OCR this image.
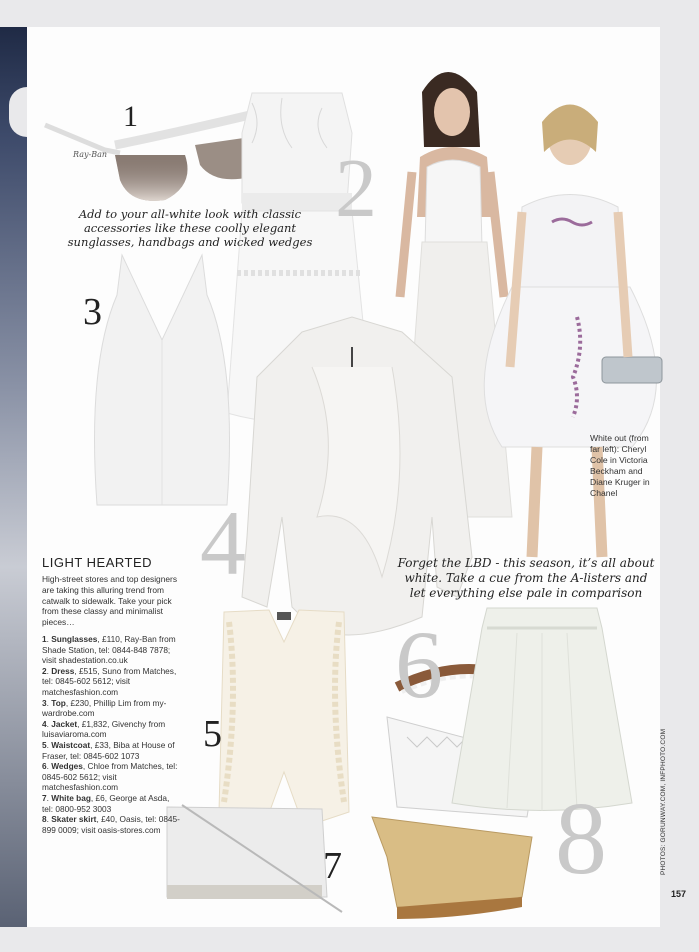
Ray-Ban
1
2
3
4
5
6
7 8
Add to your all-white look with classic accessories like these coolly elegant sunglasses, handbags and wicked wedges
Forget the LBD - this season, it’s all about white. Take a cue from the A-listers and let everything else pale in comparison
LIGHT HEARTED
High-street stores and top designers are taking this alluring trend from catwalk to sidewalk. Take your pick from these classy and minimalist pieces…
1. Sunglasses, £110, Ray-Ban from Shade Station, tel: 0844-848 7878; visit shadestation.co.uk
2. Dress, £515, Suno from Matches, tel: 0845-602 5612; visit matchesfashion.com
3. Top, £230, Phillip Lim from my-wardrobe.com
4. Jacket, £1,832, Givenchy from luisaviaroma.com
5. Waistcoat, £33, Biba at House of Fraser, tel: 0845-602 1073
6. Wedges, Chloe from Matches, tel: 0845-602 5612; visit matchesfashion.com
7. White bag, £6, George at Asda, tel: 0800-952 3003
8. Skater skirt, £40, Oasis, tel: 0845-899 0009; visit oasis-stores.com
White out (from far left): Cheryl Cole in Victoria Beckham and Diane Kruger in Chanel
PHOTOS: GORUNWAY.COM, INFPHOTO.COM
157
